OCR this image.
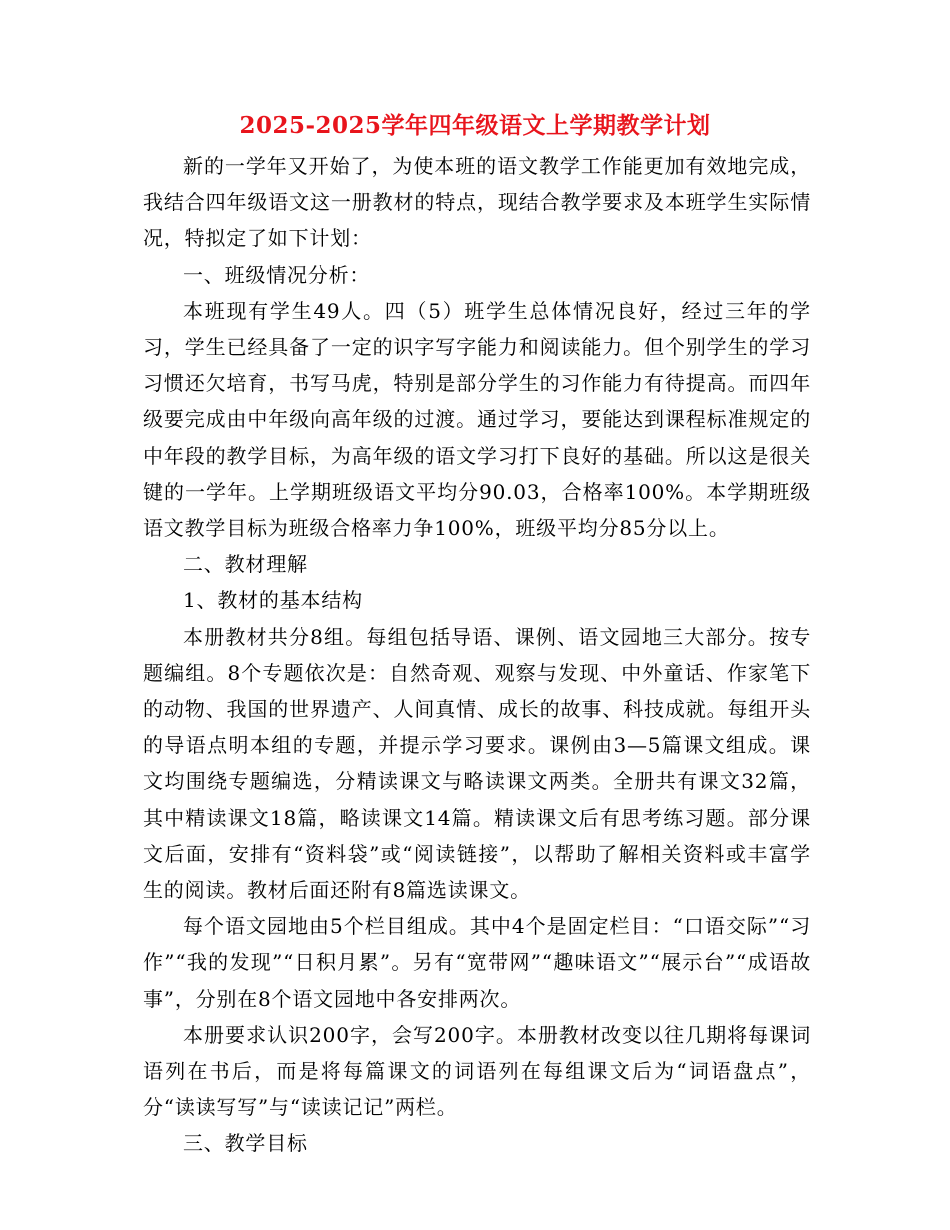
2025-2025学年四年级语文上学期教学计划

新的一学年又开始了，为使本班的语文教学工作能更加有效地完成，我结合四年级语文这一册教材的特点，现结合教学要求及本班学生实际情况，特拟定了如下计划：

一、班级情况分析：

本班现有学生49人。四（5）班学生总体情况良好，经过三年的学习，学生已经具备了一定的识字写字能力和阅读能力。但个别学生的学习习惯还欠培育，书写马虎，特别是部分学生的习作能力有待提高。而四年级要完成由中年级向高年级的过渡。通过学习，要能达到课程标准规定的中年段的教学目标，为高年级的语文学习打下良好的基础。所以这是很关键的一学年。上学期班级语文平均分90.03，合格率100%。本学期班级语文教学目标为班级合格率力争100%，班级平均分85分以上。

二、教材理解

1、教材的基本结构

本册教材共分8组。每组包括导语、课例、语文园地三大部分。按专题编组。8个专题依次是：自然奇观、观察与发现、中外童话、作家笔下的动物、我国的世界遗产、人间真情、成长的故事、科技成就。每组开头的导语点明本组的专题，并提示学习要求。课例由3—5篇课文组成。课文均围绕专题编选，分精读课文与略读课文两类。全册共有课文32篇，其中精读课文18篇，略读课文14篇。精读课文后有思考练习题。部分课文后面，安排有“资料袋”或“阅读链接”，以帮助了解相关资料或丰富学生的阅读。教材后面还附有8篇选读课文。

每个语文园地由5个栏目组成。其中4个是固定栏目：“口语交际”“习作”“我的发现”“日积月累”。另有“宽带网”“趣味语文”“展示台”“成语故事”，分别在8个语文园地中各安排两次。

本册要求认识200字，会写200字。本册教材改变以往几期将每课词语列在书后，而是将每篇课文的词语列在每组课文后为“词语盘点”，分“读读写写”与“读读记记”两栏。

三、教学目标
